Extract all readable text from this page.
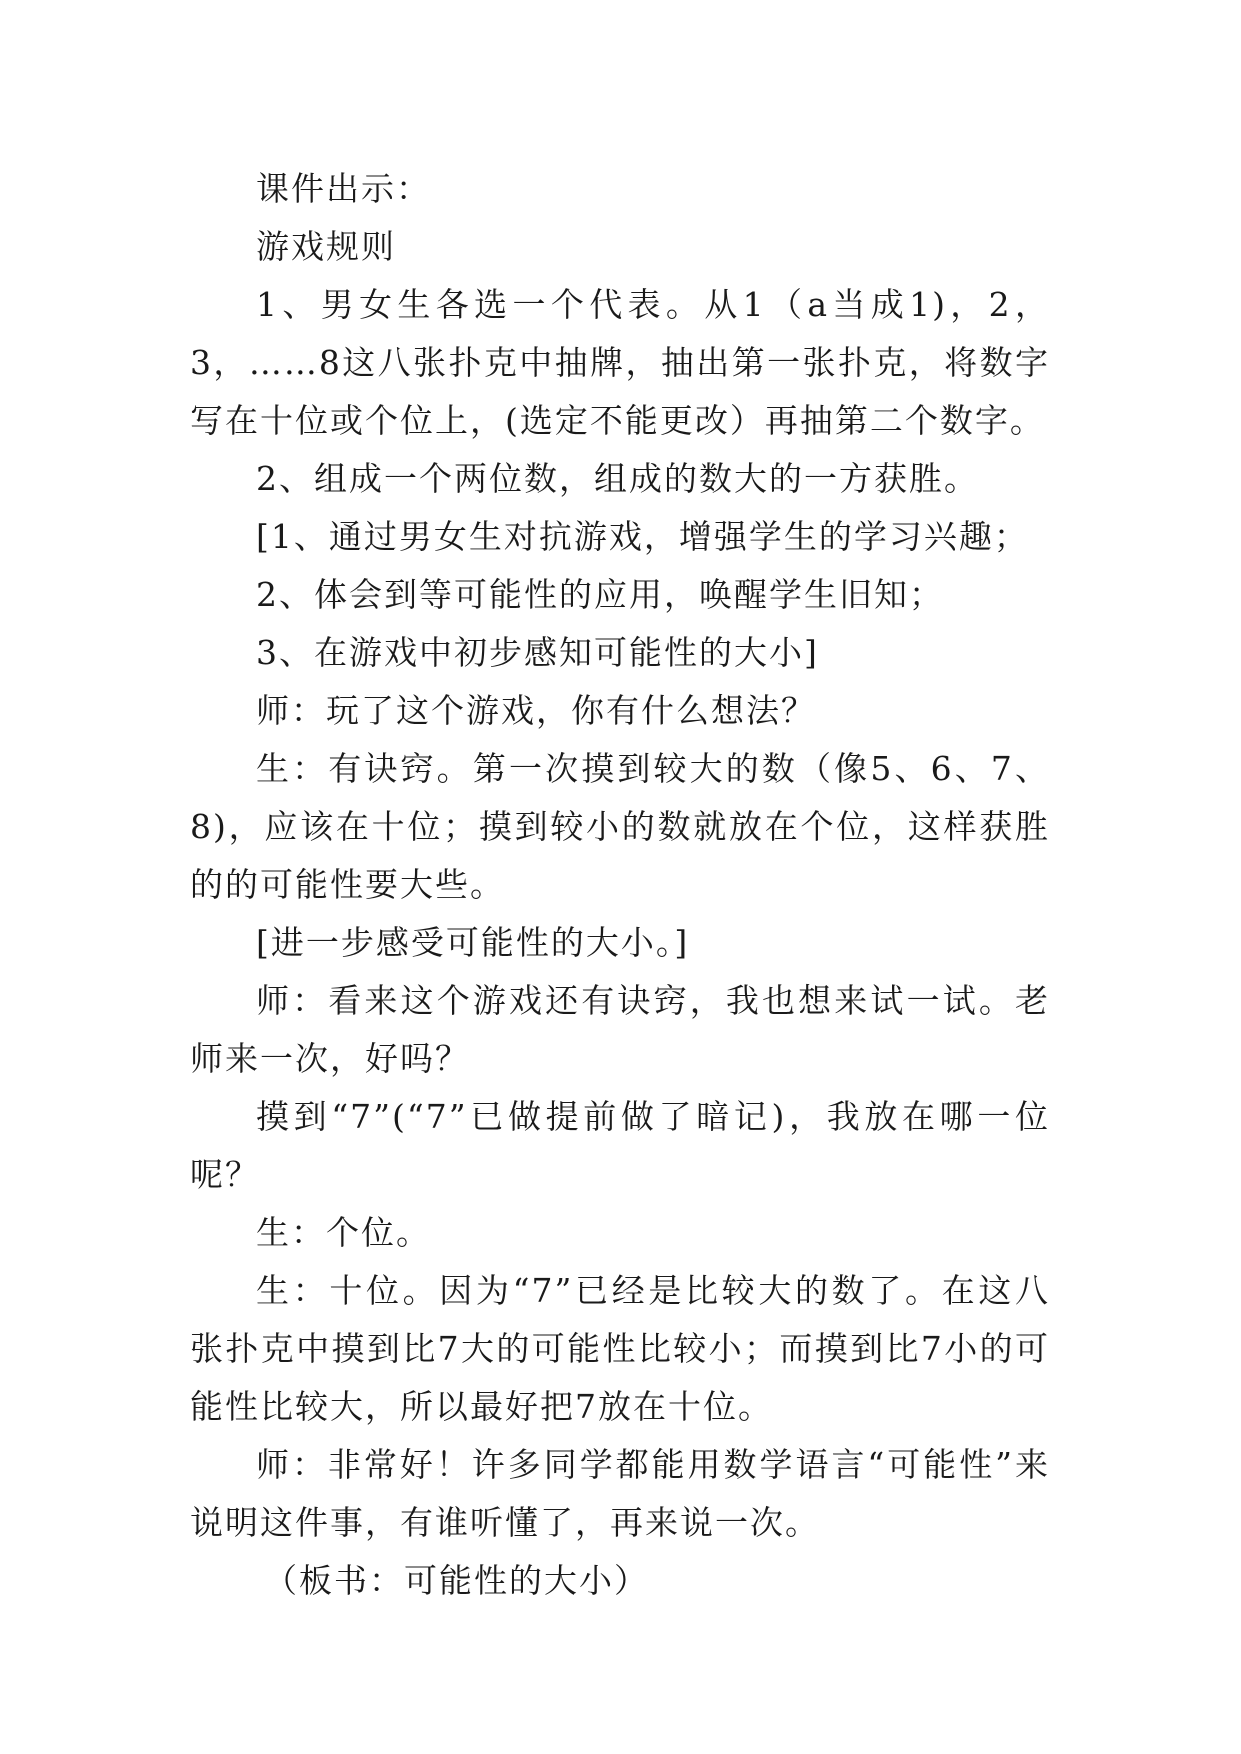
课件出示：

游戏规则

1、男女生各选一个代表。从1（a当成1)，2，3，……8这八张扑克中抽牌，抽出第一张扑克，将数字写在十位或个位上，(选定不能更改）再抽第二个数字。

2、组成一个两位数，组成的数大的一方获胜。

[1、通过男女生对抗游戏，增强学生的学习兴趣；

2、体会到等可能性的应用，唤醒学生旧知；

3、在游戏中初步感知可能性的大小]

师：玩了这个游戏，你有什么想法？

生：有诀窍。第一次摸到较大的数（像5、6、7、8)，应该在十位；摸到较小的数就放在个位，这样获胜的的可能性要大些。

[进一步感受可能性的大小。]

师：看来这个游戏还有诀窍，我也想来试一试。老师来一次，好吗？

摸到“7”(“7”已做提前做了暗记)，我放在哪一位呢？

生：个位。

生：十位。因为“7”已经是比较大的数了。在这八张扑克中摸到比7大的可能性比较小；而摸到比7小的可能性比较大，所以最好把7放在十位。

师：非常好！许多同学都能用数学语言“可能性”来说明这件事，有谁听懂了，再来说一次。

（板书：可能性的大小）
